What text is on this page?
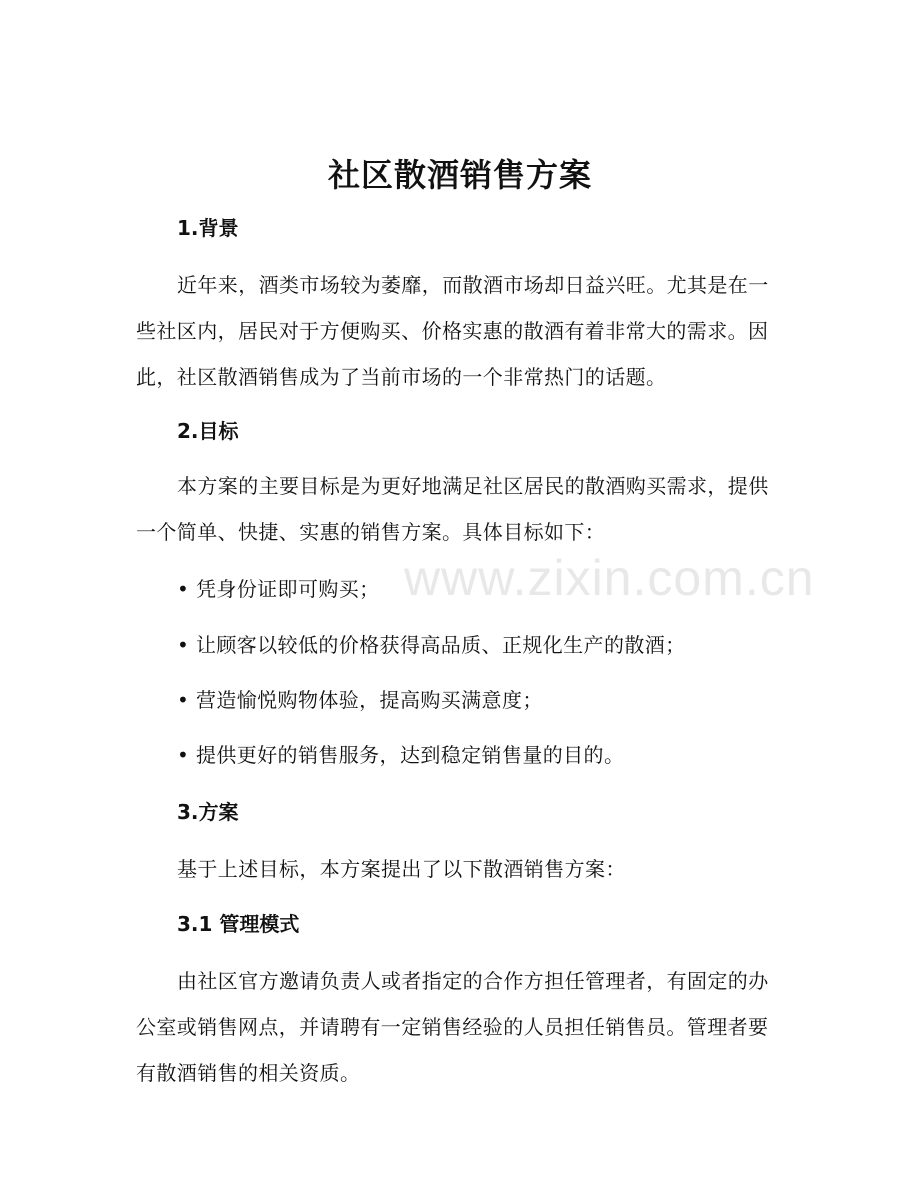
www.zixin.com.cn
社区散酒销售方案
1.背景

近年来，酒类市场较为萎靡，而散酒市场却日益兴旺。尤其是在一些社区内，居民对于方便购买、价格实惠的散酒有着非常大的需求。因此，社区散酒销售成为了当前市场的一个非常热门的话题。

2.目标

本方案的主要目标是为更好地满足社区居民的散酒购买需求，提供一个简单、快捷、实惠的销售方案。具体目标如下：

• 凭身份证即可购买；
• 让顾客以较低的价格获得高品质、正规化生产的散酒；
• 营造愉悦购物体验，提高购买满意度；
• 提供更好的销售服务，达到稳定销售量的目的。
3.方案

基于上述目标，本方案提出了以下散酒销售方案：

3.1 管理模式

由社区官方邀请负责人或者指定的合作方担任管理者，有固定的办公室或销售网点，并请聘有一定销售经验的人员担任销售员。管理者要有散酒销售的相关资质。
